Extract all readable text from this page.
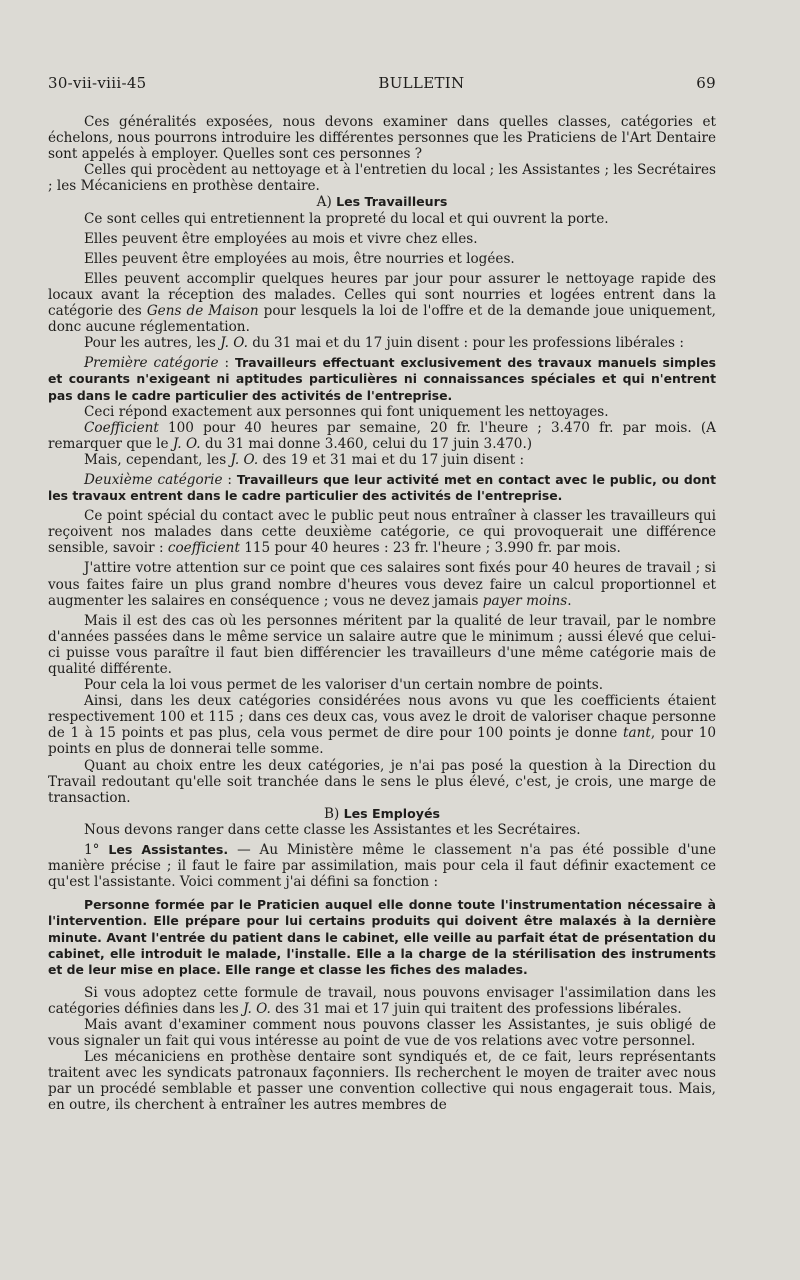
30-vii-viii-45	BULLETIN	69

Ces généralités exposées, nous devons examiner dans quelles classes, catégories et échelons, nous pourrons introduire les différentes personnes que les Praticiens de l'Art Dentaire sont appelés à employer. Quelles sont ces personnes ?

Celles qui procèdent au nettoyage et à l'entretien du local ; les Assistantes ; les Secrétaires ; les Mécaniciens en prothèse dentaire.

A) Les Travailleurs

Ce sont celles qui entretiennent la propreté du local et qui ouvrent la porte.

Elles peuvent être employées au mois et vivre chez elles.

Elles peuvent être employées au mois, être nourries et logées.

Elles peuvent accomplir quelques heures par jour pour assurer le nettoyage rapide des locaux avant la réception des malades. Celles qui sont nourries et logées entrent dans la catégorie des Gens de Maison pour lesquels la loi de l'offre et de la demande joue uniquement, donc aucune réglementation.

Pour les autres, les J. O. du 31 mai et du 17 juin disent : pour les professions libérales :

Première catégorie : Travailleurs effectuant exclusivement des travaux manuels simples et courants n'exigeant ni aptitudes particulières ni connaissances spéciales et qui n'entrent pas dans le cadre particulier des activités de l'entreprise.

Ceci répond exactement aux personnes qui font uniquement les nettoyages.

Coefficient 100 pour 40 heures par semaine, 20 fr. l'heure ; 3.470 fr. par mois. (A remarquer que le J. O. du 31 mai donne 3.460, celui du 17 juin 3.470.)

Mais, cependant, les J. O. des 19 et 31 mai et du 17 juin disent :

Deuxième catégorie : Travailleurs que leur activité met en contact avec le public, ou dont les travaux entrent dans le cadre particulier des activités de l'entreprise.

Ce point spécial du contact avec le public peut nous entraîner à classer les travailleurs qui reçoivent nos malades dans cette deuxième catégorie, ce qui provoquerait une différence sensible, savoir : coefficient 115 pour 40 heures : 23 fr. l'heure ; 3.990 fr. par mois.

J'attire votre attention sur ce point que ces salaires sont fixés pour 40 heures de travail ; si vous faites faire un plus grand nombre d'heures vous devez faire un calcul proportionnel et augmenter les salaires en conséquence ; vous ne devez jamais payer moins.

Mais il est des cas où les personnes méritent par la qualité de leur travail, par le nombre d'années passées dans le même service un salaire autre que le minimum ; aussi élevé que celui-ci puisse vous paraître il faut bien différencier les travailleurs d'une même catégorie mais de qualité différente.

Pour cela la loi vous permet de les valoriser d'un certain nombre de points.

Ainsi, dans les deux catégories considérées nous avons vu que les coefficients étaient respectivement 100 et 115 ; dans ces deux cas, vous avez le droit de valoriser chaque personne de 1 à 15 points et pas plus, cela vous permet de dire pour 100 points je donne tant, pour 10 points en plus de donnerai telle somme.

Quant au choix entre les deux catégories, je n'ai pas posé la question à la Direction du Travail redoutant qu'elle soit tranchée dans le sens le plus élevé, c'est, je crois, une marge de transaction.

B) Les Employés

Nous devons ranger dans cette classe les Assistantes et les Secrétaires.

1° Les Assistantes. — Au Ministère même le classement n'a pas été possible d'une manière précise ; il faut le faire par assimilation, mais pour cela il faut définir exactement ce qu'est l'assistante. Voici comment j'ai défini sa fonction :

Personne formée par le Praticien auquel elle donne toute l'instrumentation nécessaire à l'intervention. Elle prépare pour lui certains produits qui doivent être malaxés à la dernière minute. Avant l'entrée du patient dans le cabinet, elle veille au parfait état de présentation du cabinet, elle introduit le malade, l'installe. Elle a la charge de la stérilisation des instruments et de leur mise en place. Elle range et classe les fiches des malades.

Si vous adoptez cette formule de travail, nous pouvons envisager l'assimilation dans les catégories définies dans les J. O. des 31 mai et 17 juin qui traitent des professions libérales.

Mais avant d'examiner comment nous pouvons classer les Assistantes, je suis obligé de vous signaler un fait qui vous intéresse au point de vue de vos relations avec votre personnel.

Les mécaniciens en prothèse dentaire sont syndiqués et, de ce fait, leurs représentants traitent avec les syndicats patronaux façonniers. Ils recherchent le moyen de traiter avec nous par un procédé semblable et passer une convention collective qui nous engagerait tous. Mais, en outre, ils cherchent à entraîner les autres membres de
